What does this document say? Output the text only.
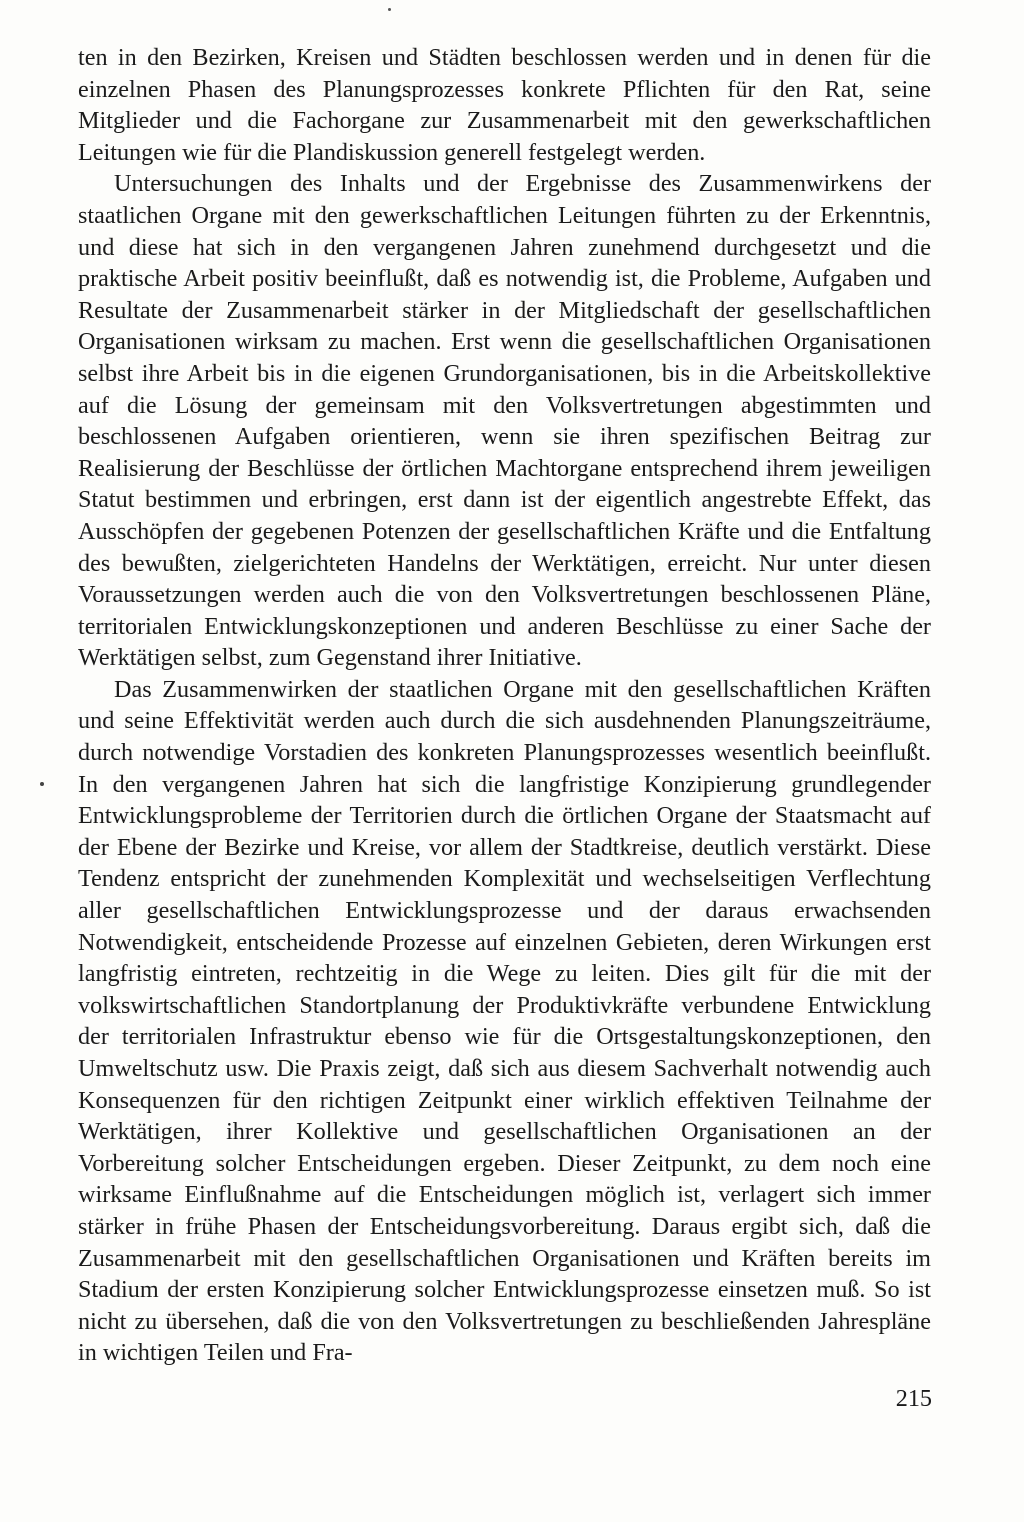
ten in den Bezirken, Kreisen und Städten beschlossen werden und in denen für die einzelnen Phasen des Planungsprozesses konkrete Pflichten für den Rat, seine Mitglieder und die Fachorgane zur Zusammenarbeit mit den gewerkschaftlichen Leitungen wie für die Plandiskussion generell festgelegt werden.

Untersuchungen des Inhalts und der Ergebnisse des Zusammenwirkens der staatlichen Organe mit den gewerkschaftlichen Leitungen führten zu der Erkenntnis, und diese hat sich in den vergangenen Jahren zunehmend durchgesetzt und die praktische Arbeit positiv beeinflußt, daß es notwendig ist, die Probleme, Aufgaben und Resultate der Zusammenarbeit stärker in der Mitgliedschaft der gesellschaftlichen Organisationen wirksam zu machen. Erst wenn die gesellschaftlichen Organisationen selbst ihre Arbeit bis in die eigenen Grundorganisationen, bis in die Arbeitskollektive auf die Lösung der gemeinsam mit den Volksvertretungen abgestimmten und beschlossenen Aufgaben orientieren, wenn sie ihren spezifischen Beitrag zur Realisierung der Beschlüsse der örtlichen Machtorgane entsprechend ihrem jeweiligen Statut bestimmen und erbringen, erst dann ist der eigentlich angestrebte Effekt, das Ausschöpfen der gegebenen Potenzen der gesellschaftlichen Kräfte und die Entfaltung des bewußten, zielgerichteten Handelns der Werktätigen, erreicht. Nur unter diesen Voraussetzungen werden auch die von den Volksvertretungen beschlossenen Pläne, territorialen Entwicklungskonzeptionen und anderen Beschlüsse zu einer Sache der Werktätigen selbst, zum Gegenstand ihrer Initiative.

Das Zusammenwirken der staatlichen Organe mit den gesellschaftlichen Kräften und seine Effektivität werden auch durch die sich ausdehnenden Planungszeiträume, durch notwendige Vorstadien des konkreten Planungsprozesses wesentlich beeinflußt. In den vergangenen Jahren hat sich die langfristige Konzipierung grundlegender Entwicklungsprobleme der Territorien durch die örtlichen Organe der Staatsmacht auf der Ebene der Bezirke und Kreise, vor allem der Stadtkreise, deutlich verstärkt. Diese Tendenz entspricht der zunehmenden Komplexität und wechselseitigen Verflechtung aller gesellschaftlichen Entwicklungsprozesse und der daraus erwachsenden Notwendigkeit, entscheidende Prozesse auf einzelnen Gebieten, deren Wirkungen erst langfristig eintreten, rechtzeitig in die Wege zu leiten. Dies gilt für die mit der volkswirtschaftlichen Standortplanung der Produktivkräfte verbundene Entwicklung der territorialen Infrastruktur ebenso wie für die Ortsgestaltungskonzeptionen, den Umweltschutz usw. Die Praxis zeigt, daß sich aus diesem Sachverhalt notwendig auch Konsequenzen für den richtigen Zeitpunkt einer wirklich effektiven Teilnahme der Werktätigen, ihrer Kollektive und gesellschaftlichen Organisationen an der Vorbereitung solcher Entscheidungen ergeben. Dieser Zeitpunkt, zu dem noch eine wirksame Einflußnahme auf die Entscheidungen möglich ist, verlagert sich immer stärker in frühe Phasen der Entscheidungsvorbereitung. Daraus ergibt sich, daß die Zusammenarbeit mit den gesellschaftlichen Organisationen und Kräften bereits im Stadium der ersten Konzipierung solcher Entwicklungsprozesse einsetzen muß. So ist nicht zu übersehen, daß die von den Volksvertretungen zu beschließenden Jahrespläne in wichtigen Teilen und Fra-

215
